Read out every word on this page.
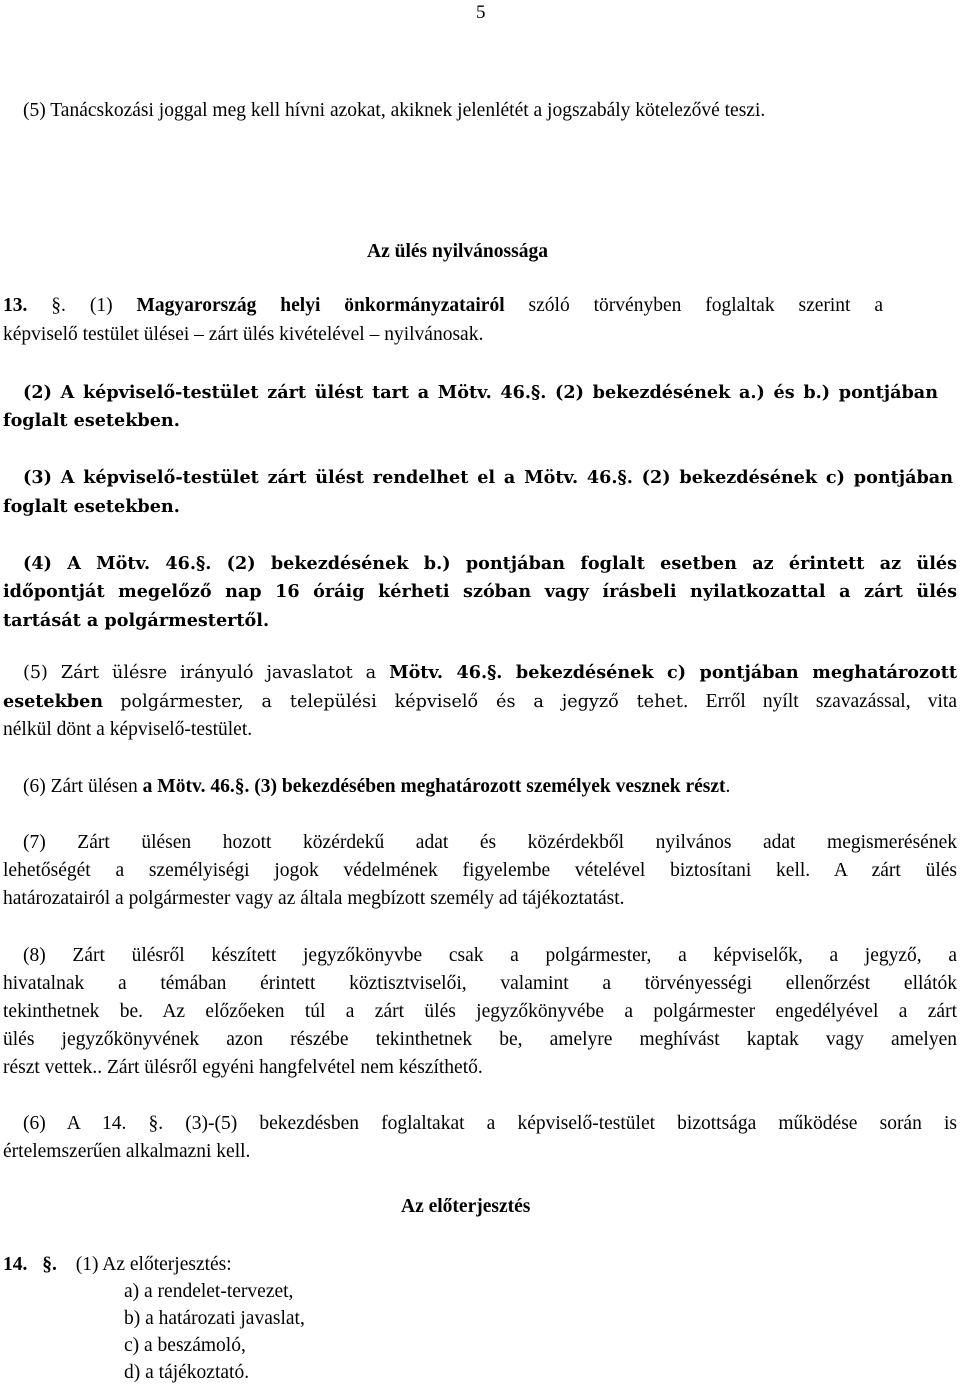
5
(5) Tanácskozási joggal meg kell hívni azokat, akiknek jelenlétét a jogszabály kötelezővé teszi.
Az ülés nyilvánossága
13. §. (1) Magyarország helyi önkormányzatairól szóló törvényben foglaltak szerint a
képviselő testület ülései – zárt ülés kivételével – nyilvánosak.
(2) A képviselő-testület zárt ülést tart a Mötv. 46.§. (2) bekezdésének a.) és b.) pontjában
foglalt esetekben.
(3) A képviselő-testület zárt ülést rendelhet el a Mötv. 46.§. (2) bekezdésének c) pontjában
foglalt esetekben.
(4) A Mötv. 46.§. (2) bekezdésének b.) pontjában foglalt esetben az érintett az ülés
időpontját megelőző nap 16 óráig kérheti szóban vagy írásbeli nyilatkozattal a zárt ülés
tartását a polgármestertől.
(5) Zárt ülésre irányuló javaslatot a Mötv. 46.§. bekezdésének c) pontjában meghatározott
esetekben polgármester, a települési képviselő és a jegyző tehet. Erről nyílt szavazással, vita
nélkül dönt a képviselő-testület.
(6) Zárt ülésen a Mötv. 46.§. (3) bekezdésében meghatározott személyek vesznek részt.
(7) Zárt ülésen hozott közérdekű adat és közérdekből nyilvános adat megismerésének
lehetőségét a személyiségi jogok védelmének figyelembe vételével biztosítani kell. A zárt ülés
határozatairól a polgármester vagy az általa megbízott személy ad tájékoztatást.
(8) Zárt ülésről készített jegyzőkönyvbe csak a polgármester, a képviselők, a jegyző, a
hivatalnak a témában érintett köztisztviselői, valamint a törvényességi ellenőrzést ellátók
tekinthetnek be. Az előzőeken túl a zárt ülés jegyzőkönyvébe a polgármester engedélyével a zárt
ülés jegyzőkönyvének azon részébe tekinthetnek be, amelyre meghívást kaptak vagy amelyen
részt vettek.. Zárt ülésről egyéni hangfelvétel nem készíthető.
(6) A 14. §. (3)-(5) bekezdésben foglaltakat a képviselő-testület bizottsága működése során is
értelemszerűen alkalmazni kell.
Az előterjesztés
14. §. (1) Az előterjesztés:
a) a rendelet-tervezet,
b) a határozati javaslat,
c) a beszámoló,
d) a tájékoztató.
